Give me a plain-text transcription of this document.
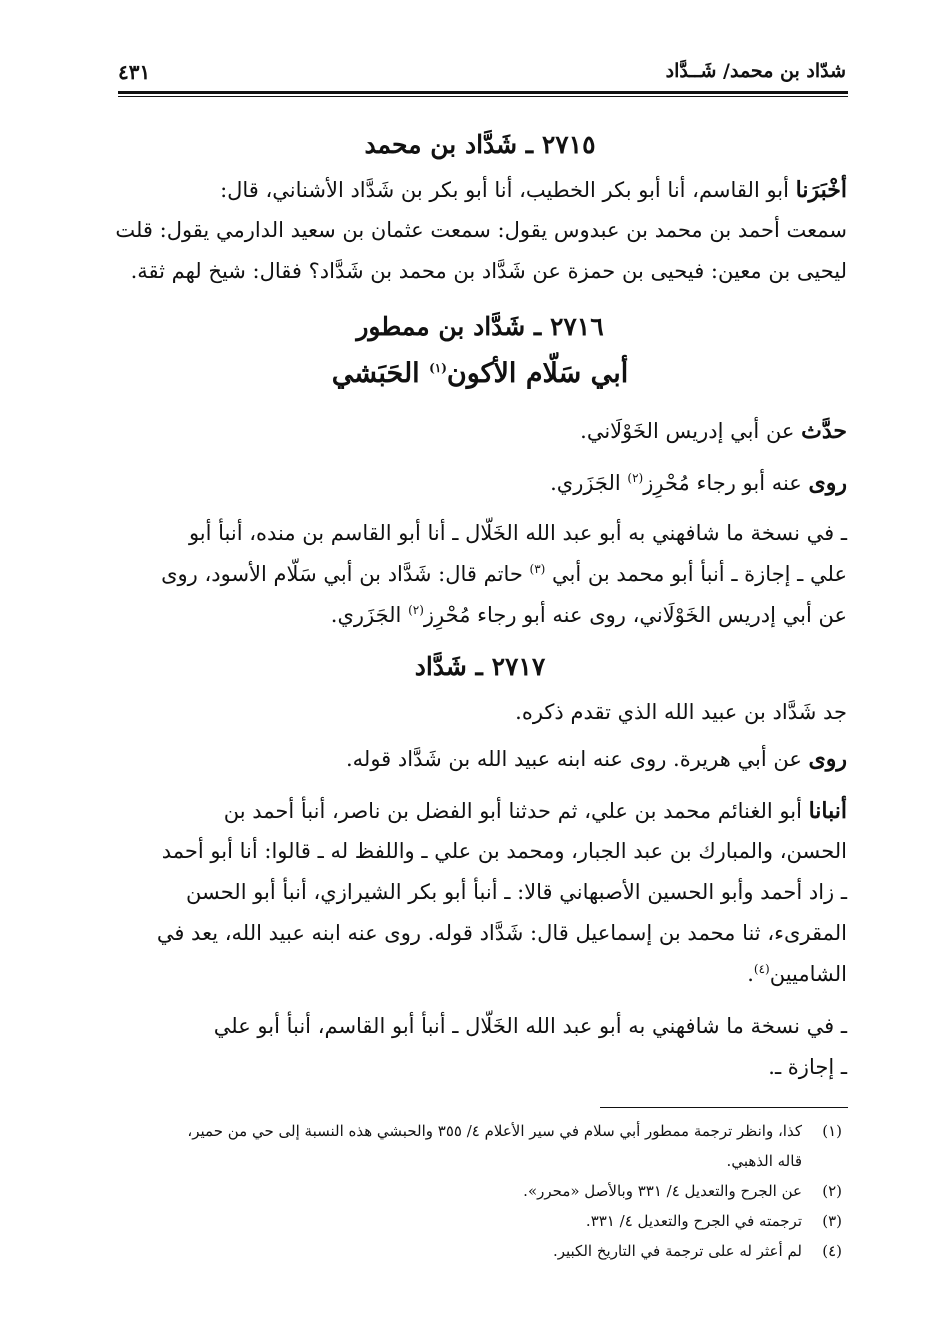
شدّاد بن محمد/ شَــدَّاد
٤٣١
٢٧١٥ ـ شَدَّاد بن محمد
أخْبَرَنا أبو القاسم، أنا أبو بكر الخطيب، أنا أبو بكر بن شَدَّاد الأشناني، قال:
سمعت أحمد بن محمد بن عبدوس يقول: سمعت عثمان بن سعيد الدارمي يقول: قلت
ليحيى بن معين: فيحيى بن حمزة عن شَدَّاد بن محمد بن شَدَّاد؟ فقال: شيخ لهم ثقة.
٢٧١٦ ـ شَدَّاد بن ممطور
أبي سَلّام الأكون$^{(١)}$ الحَبَشي
حدَّث عن أبي إدريس الخَوْلَاني.
روى عنه أبو رجاء مُحْرِز$^{(٢)}$ الجَزَري.
ـ في نسخة ما شافهني به أبو عبد الله الخَلّال ـ أنا أبو القاسم بن منده، أنبأ أبو
علي ـ إجازة ـ أنبأ أبو محمد بن أبي $^{(٣)}$ حاتم قال: شَدَّاد بن أبي سَلّام الأسود، روى
عن أبي إدريس الخَوْلَاني، روى عنه أبو رجاء مُحْرِز$^{(٢)}$ الجَزَري.
٢٧١٧ ـ شَدَّاد
جد شَدَّاد بن عبيد الله الذي تقدم ذكره.
روى عن أبي هريرة. روى عنه ابنه عبيد الله بن شَدَّاد قوله.
أنبانا أبو الغنائم محمد بن علي، ثم حدثنا أبو الفضل بن ناصر، أنبأ أحمد بن
الحسن، والمبارك بن عبد الجبار، ومحمد بن علي ـ واللفظ له ـ قالوا: أنا أبو أحمد
ـ زاد أحمد وأبو الحسين الأصبهاني قالا: ـ أنبأ أبو بكر الشيرازي، أنبأ أبو الحسن
المقرىء، ثنا محمد بن إسماعيل قال: شَدَّاد قوله. روى عنه ابنه عبيد الله، يعد في
الشاميين$^{(٤)}$.
ـ في نسخة ما شافهني به أبو عبد الله الخَلّال ـ أنبأ أبو القاسم، أنبأ أبو علي
ـ إجازة ـ.
(١)كذا، وانظر ترجمة ممطور أبي سلام في سير الأعلام ٤/ ٣٥٥ والحبشي هذه النسبة إلى حي من حمير،
قاله الذهبي.
(٢)عن الجرح والتعديل ٤/ ٣٣١ وبالأصل «محرر».
(٣)ترجمته في الجرح والتعديل ٤/ ٣٣١.
(٤)لم أعثر له على ترجمة في التاريخ الكبير.
